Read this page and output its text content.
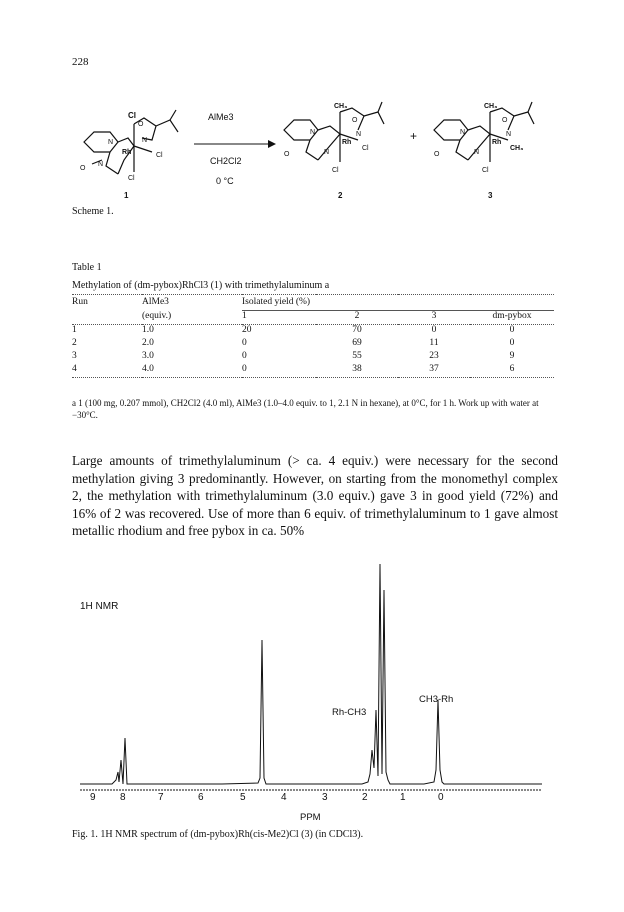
228
Cl
O
N
N
Rh	Cl
Cl
O
N
AlMe3
CH2Cl2
0 °C
CH₃
O
N
N
Rh
Cl
Cl
O	N
+
CH₃
O
N
N
Rh
CH₃
Cl
O	N
1	2	3
Scheme 1.
Table 1
Methylation of (dm-pybox)RhCl3 (1) with trimethylaluminum a
Run	AlMe3	Isolated yield (%)			
	(equiv.)	1	2	3	dm-pybox
1	1.0	20	70	0	0
2	2.0	0	69	11	0
3	3.0	0	55	23	9
4	4.0	0	38	37	6
a 1 (100 mg, 0.207 mmol), CH2Cl2 (4.0 ml), AlMe3 (1.0–4.0 equiv. to 1, 2.1 N in hexane), at 0°C, for 1 h. Work up with water at −30°C.
Large amounts of trimethylaluminum (> ca. 4 equiv.) were necessary for the second methylation giving 3 predominantly. However, on starting from the monomethyl complex 2, the methylation with trimethylaluminum (3.0 equiv.) gave 3 in good yield (72%) and 16% of 2 was recovered. Use of more than 6 equiv. of trimethylaluminum to 1 gave almost metallic rhodium and free pybox in ca. 50%
1H NMR
Rh-CH3
CH3-Rh
9 8	7	6	5	4	3	2	1	0
PPM
Fig. 1. 1H NMR spectrum of (dm-pybox)Rh(cis-Me2)Cl (3) (in CDCl3).
